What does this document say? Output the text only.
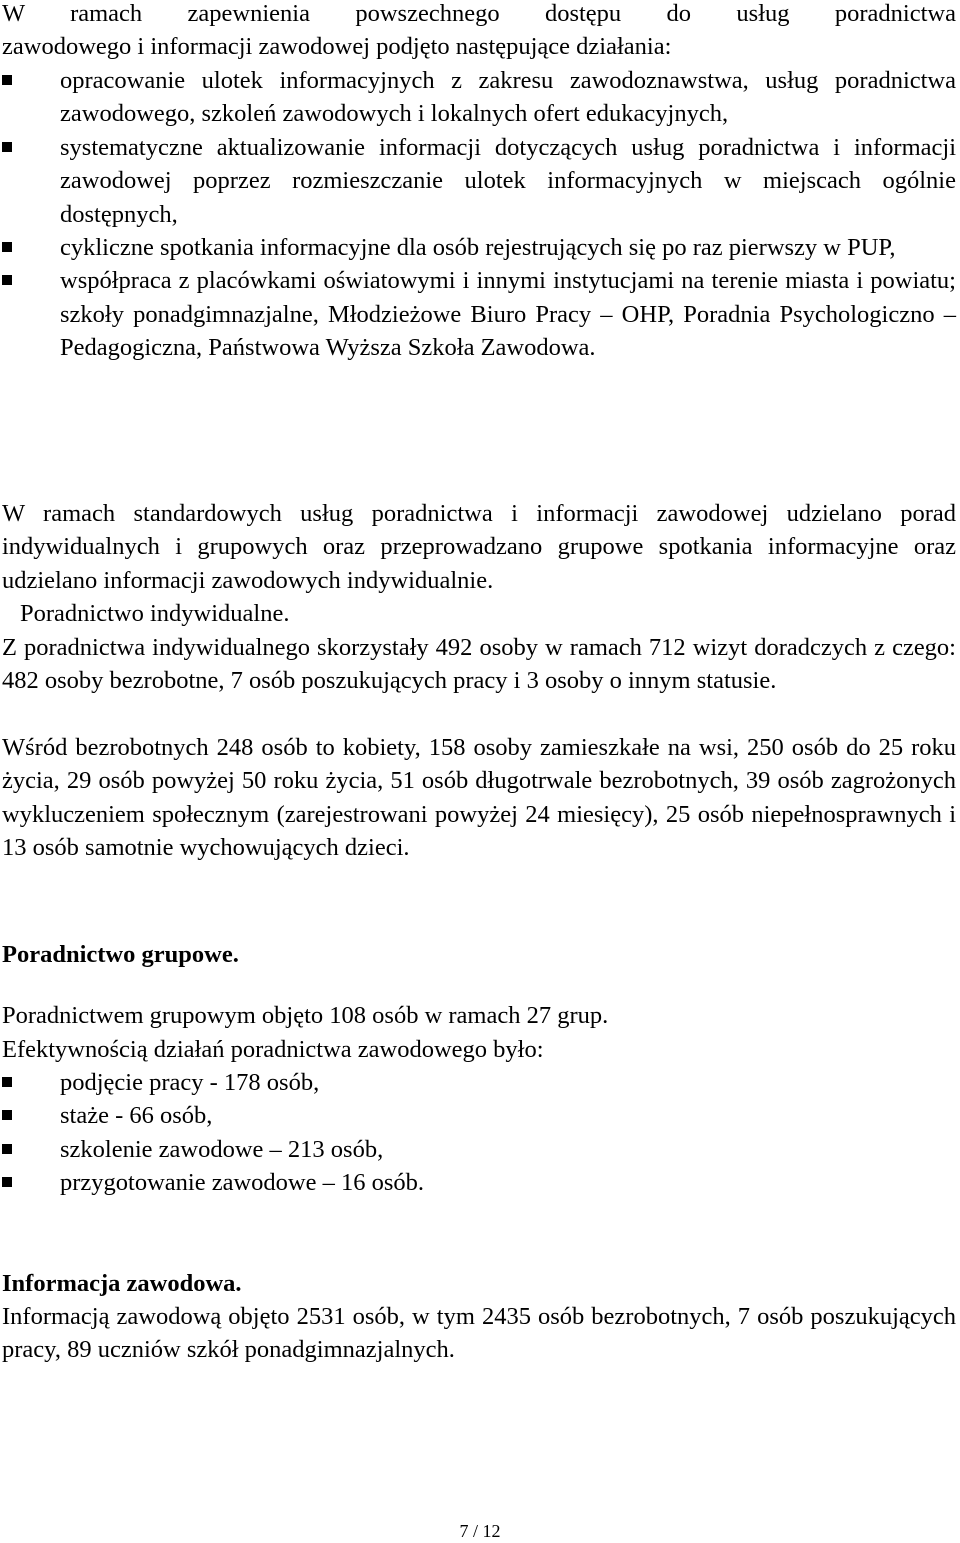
W ramach zapewnienia powszechnego dostępu do usług poradnictwa
zawodowego i informacji zawodowej podjęto następujące działania:
opracowanie ulotek informacyjnych z zakresu zawodoznawstwa, usług poradnictwa zawodowego, szkoleń zawodowych i lokalnych ofert edukacyjnych,
systematyczne aktualizowanie informacji dotyczących usług poradnictwa i informacji zawodowej poprzez rozmieszczanie ulotek informacyjnych w miejscach ogólnie dostępnych,
cykliczne spotkania informacyjne dla osób rejestrujących się po raz pierwszy w PUP,
współpraca z placówkami oświatowymi i innymi instytucjami na terenie miasta i powiatu; szkoły ponadgimnazjalne, Młodzieżowe Biuro Pracy – OHP, Poradnia Psychologiczno – Pedagogiczna, Państwowa Wyższa Szkoła Zawodowa.

W ramach standardowych usług poradnictwa i informacji zawodowej udzielano porad indywidualnych i grupowych oraz przeprowadzano grupowe spotkania informacyjne oraz udzielano informacji zawodowych indywidualnie.

Poradnictwo indywidualne.

Z poradnictwa indywidualnego skorzystały 492 osoby w ramach 712 wizyt doradczych z czego: 482 osoby bezrobotne, 7 osób poszukujących pracy i 3 osoby o innym statusie.

Wśród bezrobotnych 248 osób to kobiety, 158 osoby zamieszkałe na wsi, 250 osób do 25 roku życia, 29 osób powyżej 50 roku życia, 51 osób długotrwale bezrobotnych, 39 osób zagrożonych wykluczeniem społecznym (zarejestrowani powyżej 24 miesięcy), 25 osób niepełnosprawnych i 13 osób samotnie wychowujących dzieci.

Poradnictwo grupowe.

Poradnictwem grupowym objęto 108 osób w ramach 27 grup.

Efektywnością działań poradnictwa zawodowego było:

podjęcie pracy - 178 osób,
staże - 66 osób,
szkolenie zawodowe – 213 osób,
przygotowanie zawodowe – 16 osób.

Informacja zawodowa.

Informacją zawodową objęto 2531 osób, w tym 2435 osób bezrobotnych, 7 osób poszukujących pracy, 89 uczniów szkół ponadgimnazjalnych.

7 / 12
